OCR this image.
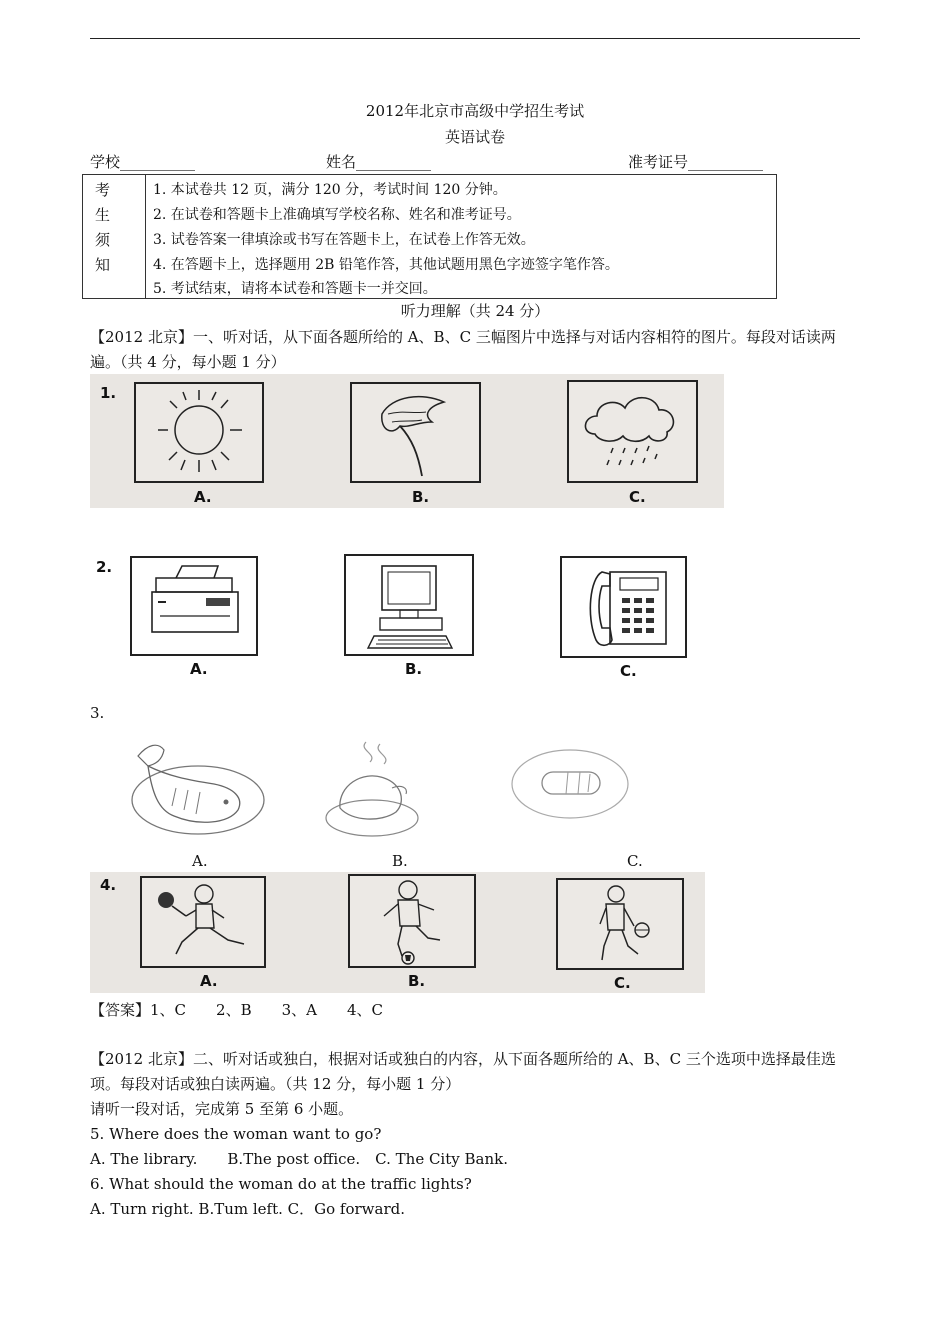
2012年北京市高级中学招生考试
英语试卷
学校__________	姓名__________	准考证号__________
考
生
须
知
1. 本试卷共 12 页，满分 120 分，考试时间 120 分钟。
2. 在试卷和答题卡上准确填写学校名称、姓名和准考证号。
3. 试卷答案一律填涂或书写在答题卡上，在试卷上作答无效。
4. 在答题卡上，选择题用 2B 铅笔作答，其他试题用黑色字迹签字笔作答。
5. 考试结束，请将本试卷和答题卡一并交回。
听力理解（共 24 分）
【2012 北京】一、听对话，从下面各题所给的 A、B、C 三幅图片中选择与对话内容相符的图片。每段对话读两
遍。（共 4 分，每小题 1 分）
1.
A.	B.	C.
2.
A.	B.	C.
3.
A.	B.	C.
4.
A.	B.	C.
【答案】1、C　　2、B　　3、A　　4、C
【2012 北京】二、听对话或独白，根据对话或独白的内容，从下面各题所给的 A、B、C 三个选项中选择最佳选
项。每段对话或独白读两遍。（共 12 分，每小题 1 分）
请听一段对话，完成第 5 至第 6 小题。
5. Where does the woman want to go?
A. The library.　　B.The post office.　C. The City Bank.
6. What should the woman do at the traffic lights?
A. Turn right. B.Tum left. C．Go forward.
